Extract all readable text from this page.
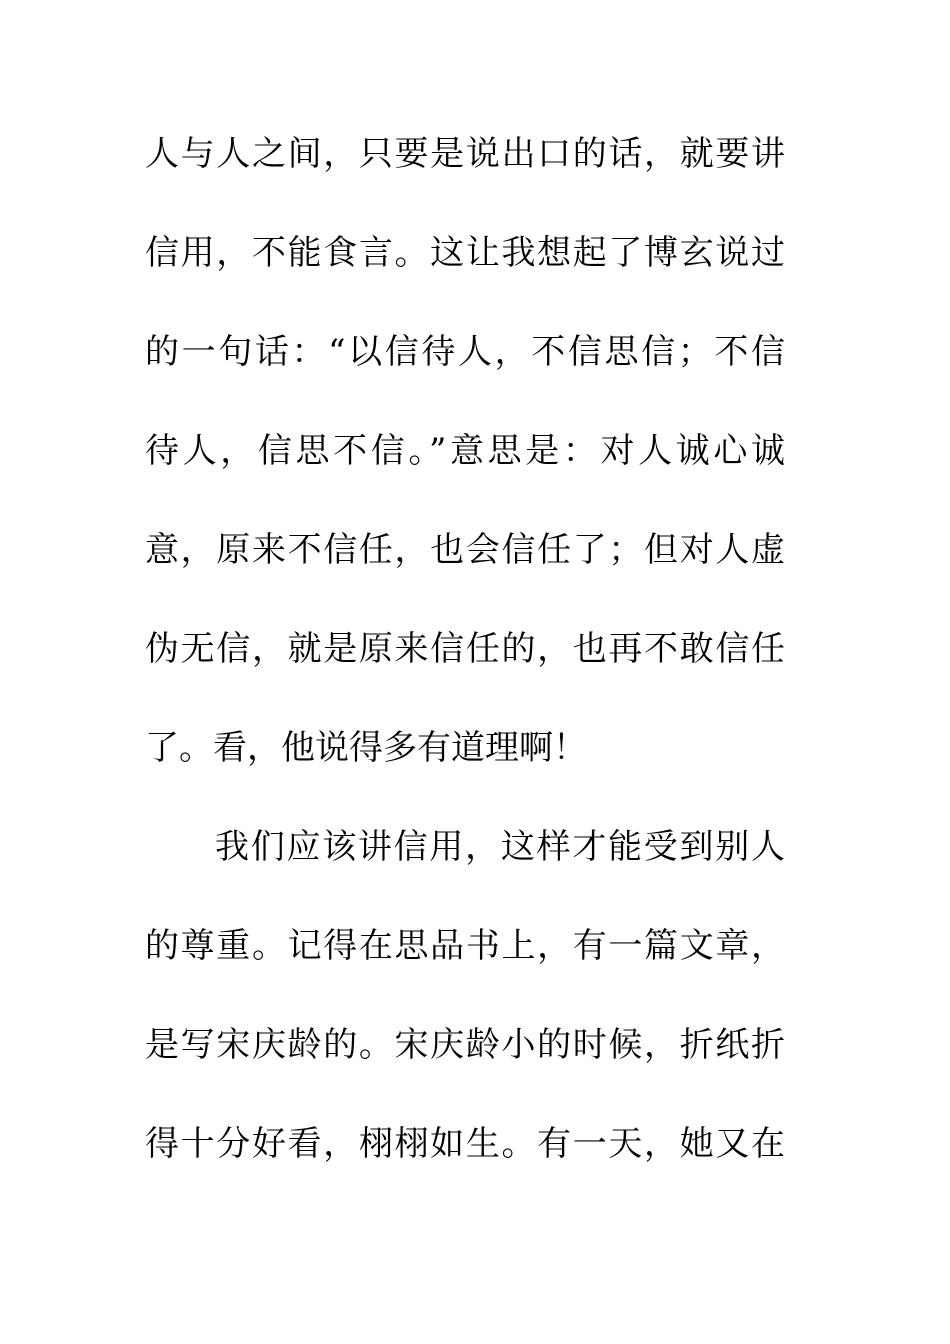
人与人之间，只要是说出口的话，就要讲
信用，不能食言。这让我想起了博玄说过
的一句话：“以信待人，不信思信；不信
待人，信思不信。”意思是：对人诚心诚
意，原来不信任，也会信任了；但对人虚
伪无信，就是原来信任的，也再不敢信任
了。看，他说得多有道理啊！
我们应该讲信用，这样才能受到别人
的尊重。记得在思品书上，有一篇文章，
是写宋庆龄的。宋庆龄小的时候，折纸折
得十分好看，栩栩如生。有一天，她又在
